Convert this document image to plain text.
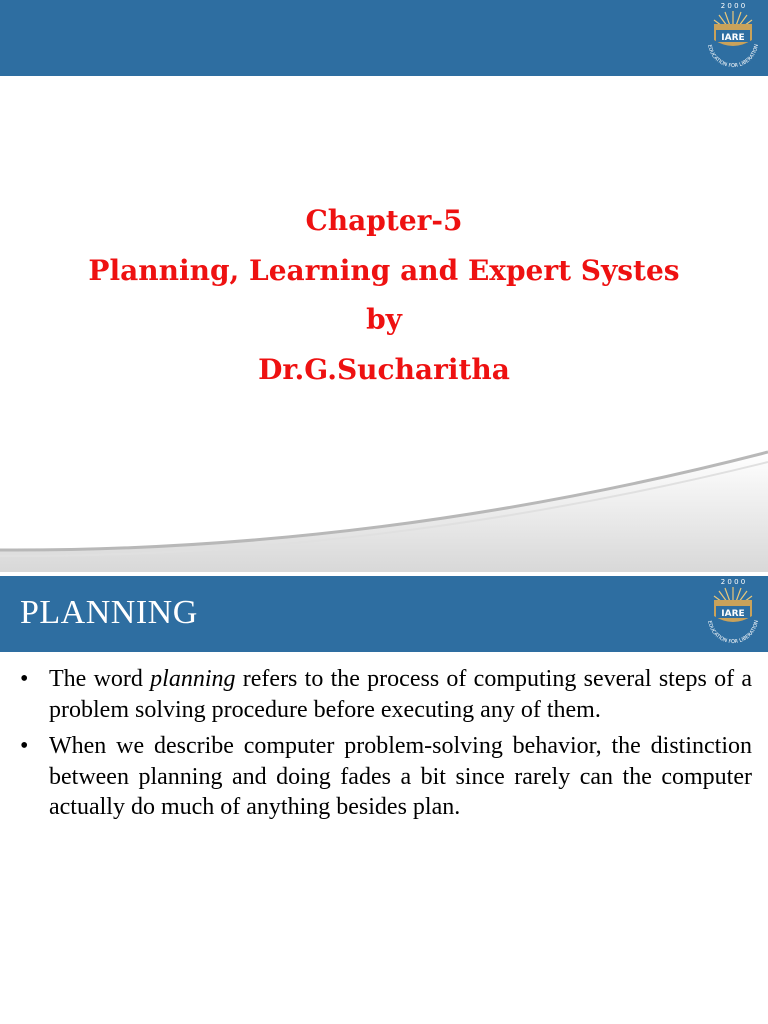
2 0 0 0
IARE
EDUCATION FOR LIBERATION
Chapter-5
Planning, Learning and Expert Systes
by
Dr.G.Sucharitha
PLANNING
2 0 0 0
IARE
EDUCATION FOR LIBERATION
• The word planning refers to the process of computing several steps of a problem solving procedure before executing any of them.
• When we describe computer problem-solving behavior, the distinction between planning and doing fades a bit since rarely can the computer actually do much of anything besides plan.
